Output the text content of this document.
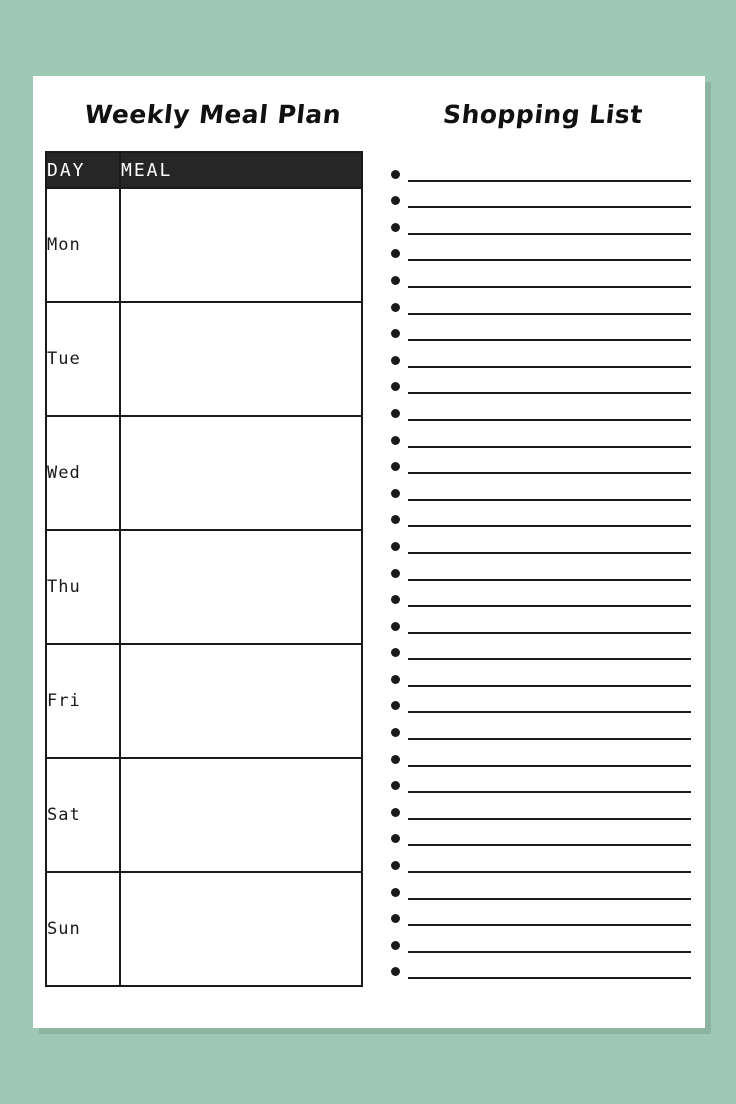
Weekly Meal Plan
DAY	MEAL
Mon	
Tue	
Wed	
Thu	
Fri	
Sat	
Sun	
Shopping List
